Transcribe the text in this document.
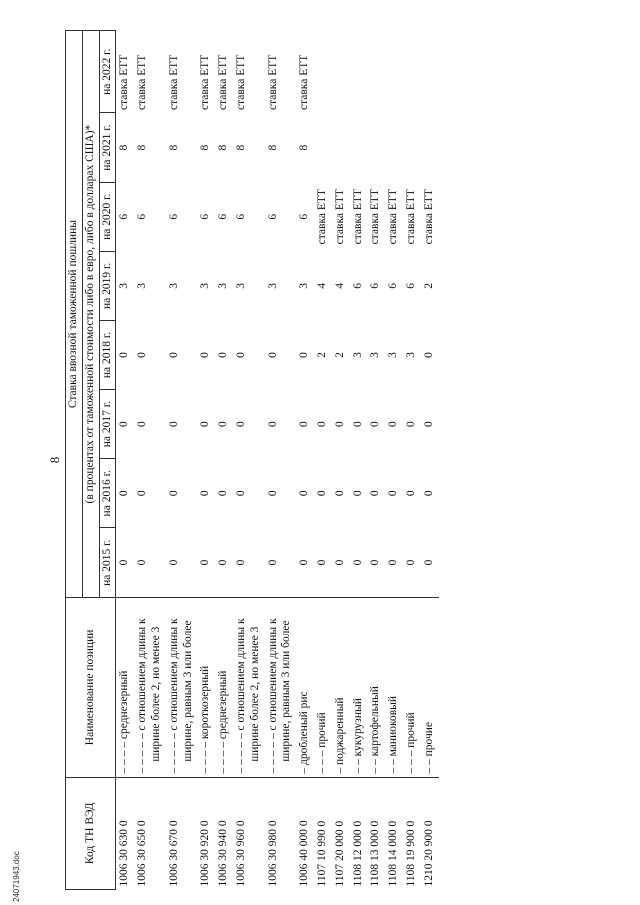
8
Код ТН ВЭД	Наименование позиции	Ставка ввозной таможенной пошлины							
		(в процентах от таможенной стоимости либо в евро, либо в долларах США)*							
		на 2015 г.	на 2016 г.	на 2017 г.	на 2018 г.	на 2019 г.	на 2020 г.	на 2021 г.	на 2022 г.
1006 30 630 0	– – – – среднезерный	0	0	0	0	3	6	8	ставка ЕТТ
1006 30 650 0	– – – – – с отношением длины к ширине более 2, но менее 3	0	0	0	0	3	6	8	ставка ЕТТ
1006 30 670 0	– – – – – с отношением длины к ширине, равным 3 или более	0	0	0	0	3	6	8	ставка ЕТТ
1006 30 920 0	– – – – короткозерный	0	0	0	0	3	6	8	ставка ЕТТ
1006 30 940 0	– – – – среднезерный	0	0	0	0	3	6	8	ставка ЕТТ
1006 30 960 0	– – – – – с отношением длины к ширине более 2, но менее 3	0	0	0	0	3	6	8	ставка ЕТТ
1006 30 980 0	– – – – – с отношением длины к ширине, равным 3 или более	0	0	0	0	3	6	8	ставка ЕТТ
1006 40 000 0	– дробленый рис	0	0	0	0	3	6	8	ставка ЕТТ
1107 10 990 0	– – – прочий	0	0	0	2	4	ставка ЕТТ		
1107 20 000 0	– поджаренный	0	0	0	2	4	ставка ЕТТ		
1108 12 000 0	– – кукурузный	0	0	0	3	6	ставка ЕТТ		
1108 13 000 0	– – картофельный	0	0	0	3	6	ставка ЕТТ		
1108 14 000 0	– – маниоковый	0	0	0	3	6	ставка ЕТТ		
1108 19 900 0	– – – прочий	0	0	0	3	6	ставка ЕТТ		
1210 20 900 0	– – прочие	0	0	0	0	2	ставка ЕТТ		
24071943.doc
